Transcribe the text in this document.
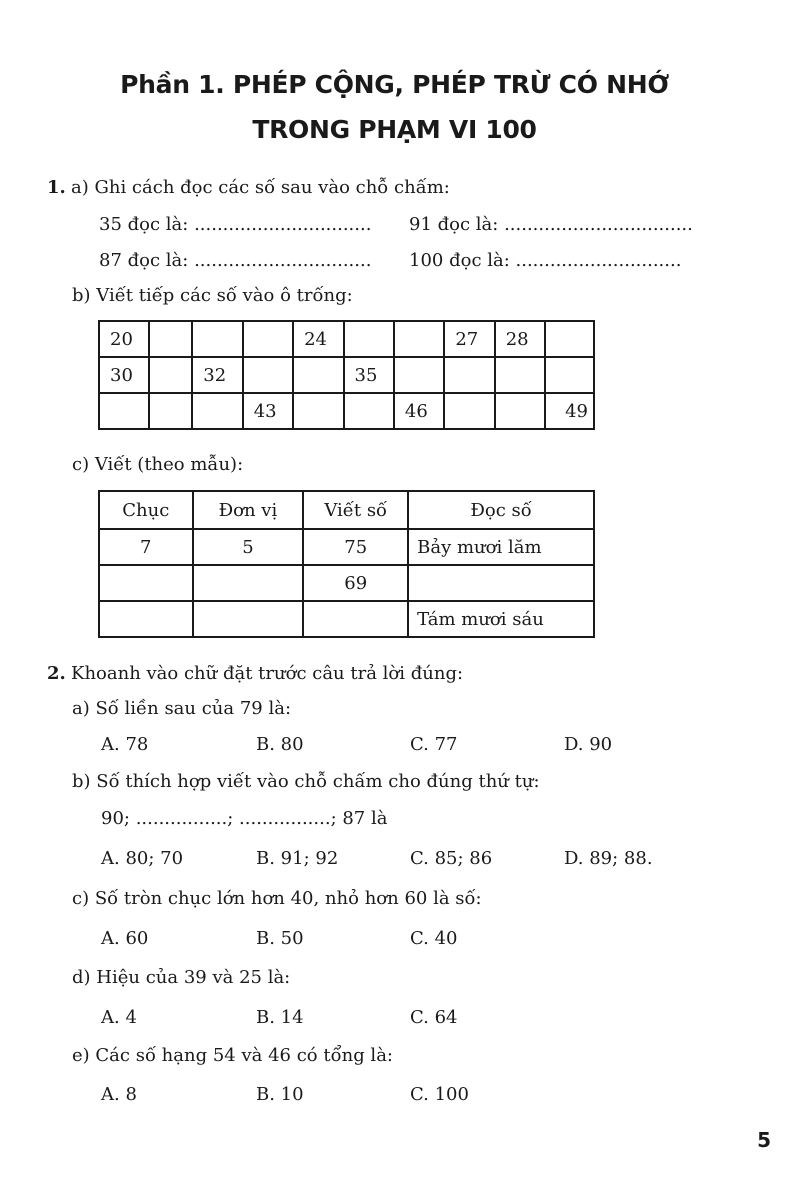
Phần 1. PHÉP CỘNG, PHÉP TRỪ CÓ NHỚ
TRONG PHẠM VI 100
1. a) Ghi cách đọc các số sau vào chỗ chấm:
35 đọc là: ............................... 91 đọc là: .................................
87 đọc là: ............................... 100 đọc là: .............................
b) Viết tiếp các số vào ô trống:
20				24			27	28	
30		32			35				
			43			46			49
c) Viết (theo mẫu):
Chục	Đơn vị	Viết số	Đọc số
7	5	75	Bảy mươi lăm
		69	
			Tám mươi sáu
2. Khoanh vào chữ đặt trước câu trả lời đúng:
a) Số liền sau của 79 là:
A. 78	B. 80	C. 77	D. 90
b) Số thích hợp viết vào chỗ chấm cho đúng thứ tự:
90; ................; ................; 87 là
A. 80; 70	B. 91; 92	C. 85; 86	D. 89; 88.
c) Số tròn chục lớn hơn 40, nhỏ hơn 60 là số:
A. 60	B. 50	C. 40
d) Hiệu của 39 và 25 là:
A. 4	B. 14	C. 64
e) Các số hạng 54 và 46 có tổng là:
A. 8	B. 10	C. 100
5
